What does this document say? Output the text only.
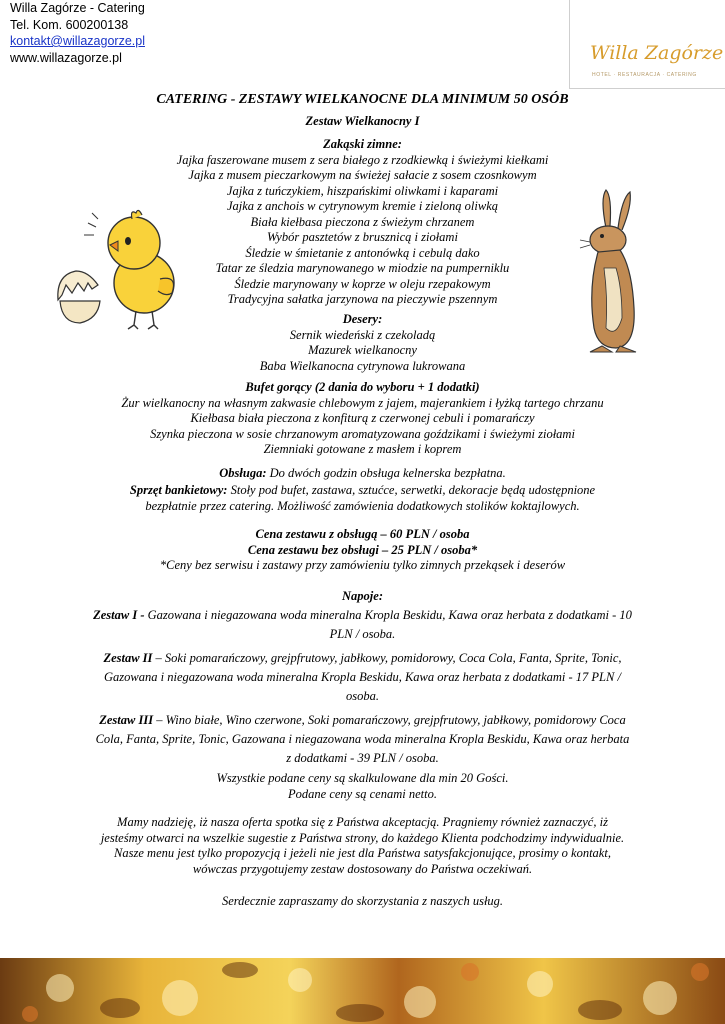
Willa Zagórze - Catering
Tel. Kom. 600200138
kontakt@willazagorze.pl
www.willazagorze.pl	Willa Zagórze
HOTEL · RESTAURACJA · CATERING
CATERING - ZESTAWY WIELKANOCNE DLA MINIMUM 50 OSÓB
Zestaw Wielkanocny I
Zakąski zimne:
Jajka faszerowane musem z sera białego z rzodkiewką i świeżymi kiełkami
Jajka z musem pieczarkowym na świeżej sałacie z sosem czosnkowym
Jajka z tuńczykiem, hiszpańskimi oliwkami i kaparami
Jajka z anchois w cytrynowym kremie i zieloną oliwką
Biała kiełbasa pieczona z świeżym chrzanem
Wybór pasztetów z brusznicą i ziołami
Śledzie w śmietanie z antonówką i cebulą dako
Tatar ze śledzia marynowanego w miodzie na pumperniklu
Śledzie marynowany w koprze w oleju rzepakowym
Tradycyjna sałatka jarzynowa na pieczywie pszennym
Desery:
Sernik wiedeński z czekoladą
Mazurek wielkanocny
Baba Wielkanocna cytrynowa lukrowana
Bufet gorący (2 dania do wyboru + 1 dodatki)
Żur wielkanocny na własnym zakwasie chlebowym z jajem, majerankiem i łyżką tartego chrzanu
Kiełbasa biała pieczona z konfiturą z czerwonej cebuli i pomarańczy
Szynka pieczona w sosie chrzanowym aromatyzowana goździkami i świeżymi ziołami
Ziemniaki gotowane z masłem i koprem
Obsługa: Do dwóch godzin obsługa kelnerska bezpłatna.
Sprzęt bankietowy: Stoły pod bufet, zastawa, sztućce, serwetki, dekoracje będą udostępnione
bezpłatnie przez catering. Możliwość zamówienia dodatkowych stolików koktajlowych.
Cena zestawu z obsługą – 60 PLN / osoba
Cena zestawu bez obsługi – 25 PLN / osoba*
*Ceny bez serwisu i zastawy przy zamówieniu tylko zimnych przekąsek i deserów
Napoje:
Zestaw I - Gazowana i niegazowana woda mineralna Kropla Beskidu, Kawa oraz herbata z dodatkami - 10 PLN / osoba.
Zestaw II – Soki pomarańczowy, grejpfrutowy, jabłkowy, pomidorowy, Coca Cola, Fanta, Sprite, Tonic, Gazowana i niegazowana woda mineralna Kropla Beskidu, Kawa oraz herbata z dodatkami - 17 PLN / osoba.
Zestaw III – Wino białe, Wino czerwone, Soki pomarańczowy, grejpfrutowy, jabłkowy, pomidorowy Coca Cola, Fanta, Sprite, Tonic, Gazowana i niegazowana woda mineralna Kropla Beskidu, Kawa oraz herbata z dodatkami - 39 PLN / osoba.
Wszystkie podane ceny są skalkulowane dla min 20 Gości.
Podane ceny są cenami netto.
Mamy nadzieję, iż nasza oferta spotka się z Państwa akceptacją. Pragniemy również zaznaczyć, iż jesteśmy otwarci na wszelkie sugestie z Państwa strony, do każdego Klienta podchodzimy indywidualnie. Nasze menu jest tylko propozycją i jeżeli nie jest dla Państwa satysfakcjonujące, prosimy o kontakt, wówczas przygotujemy zestaw dostosowany do Państwa oczekiwań.
Serdecznie zapraszamy do skorzystania z naszych usług.
